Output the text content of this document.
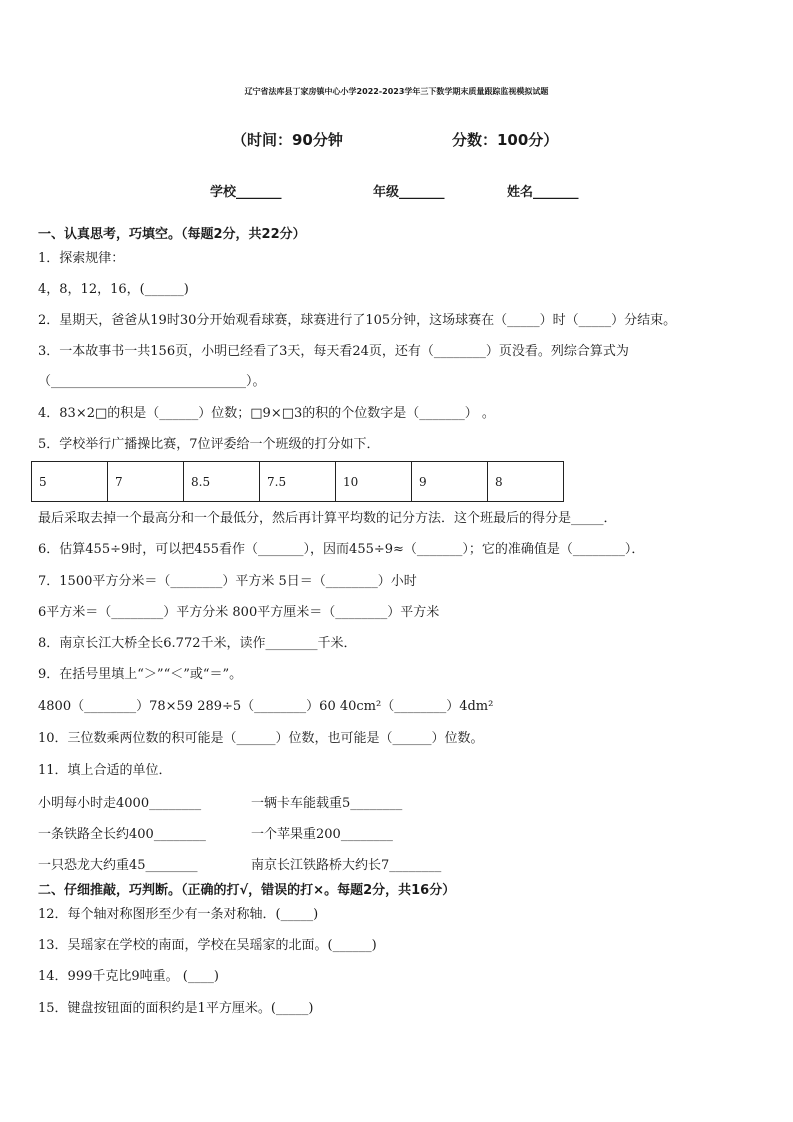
辽宁省法库县丁家房镇中心小学2022-2023学年三下数学期末质量跟踪监视模拟试题
（时间：90分钟	分数：100分）
学校_______	年级_______	姓名_______
一、认真思考，巧填空。（每题2分，共22分）
1．探索规律：
4，8，12，16，(______)
2．星期天，爸爸从19时30分开始观看球赛，球赛进行了105分钟，这场球赛在（_____）时（_____）分结束。
3．一本故事书一共156页，小明已经看了3天，每天看24页，还有（________）页没看。列综合算式为
（______________________________）。
4．83×2□的积是（______）位数；□9×□3的积的个位数字是（_______） 。
5．学校举行广播操比赛，7位评委给一个班级的打分如下．
5	7	8.5	7.5	10	9	8
最后采取去掉一个最高分和一个最低分，然后再计算平均数的记分方法．这个班最后的得分是_____．
6．估算455÷9时，可以把455看作（_______），因而455÷9≈（_______）；它的准确值是（________）．
7．1500平方分米＝（________）平方米 5日＝（________）小时
6平方米＝（________）平方分米 800平方厘米＝（________）平方米
8．南京长江大桥全长6.772千米，读作________千米．
9．在括号里填上“＞”“＜”或“＝”。
4800（________）78×59 289÷5（________）60 40cm²（________）4dm²
10．三位数乘两位数的积可能是（______）位数，也可能是（______）位数。
11．填上合适的单位．
小明每小时走4000________	一辆卡车能载重5________
一条铁路全长约400________	一个苹果重200________
一只恐龙大约重45________	南京长江铁路桥大约长7________
二、仔细推敲，巧判断。（正确的打√，错误的打×。每题2分，共16分）
12．每个轴对称图形至少有一条对称轴．(_____)
13．吴瑶家在学校的南面，学校在吴瑶家的北面。(______)
14．999千克比9吨重。 (____)
15．键盘按钮面的面积约是1平方厘米。(_____)
